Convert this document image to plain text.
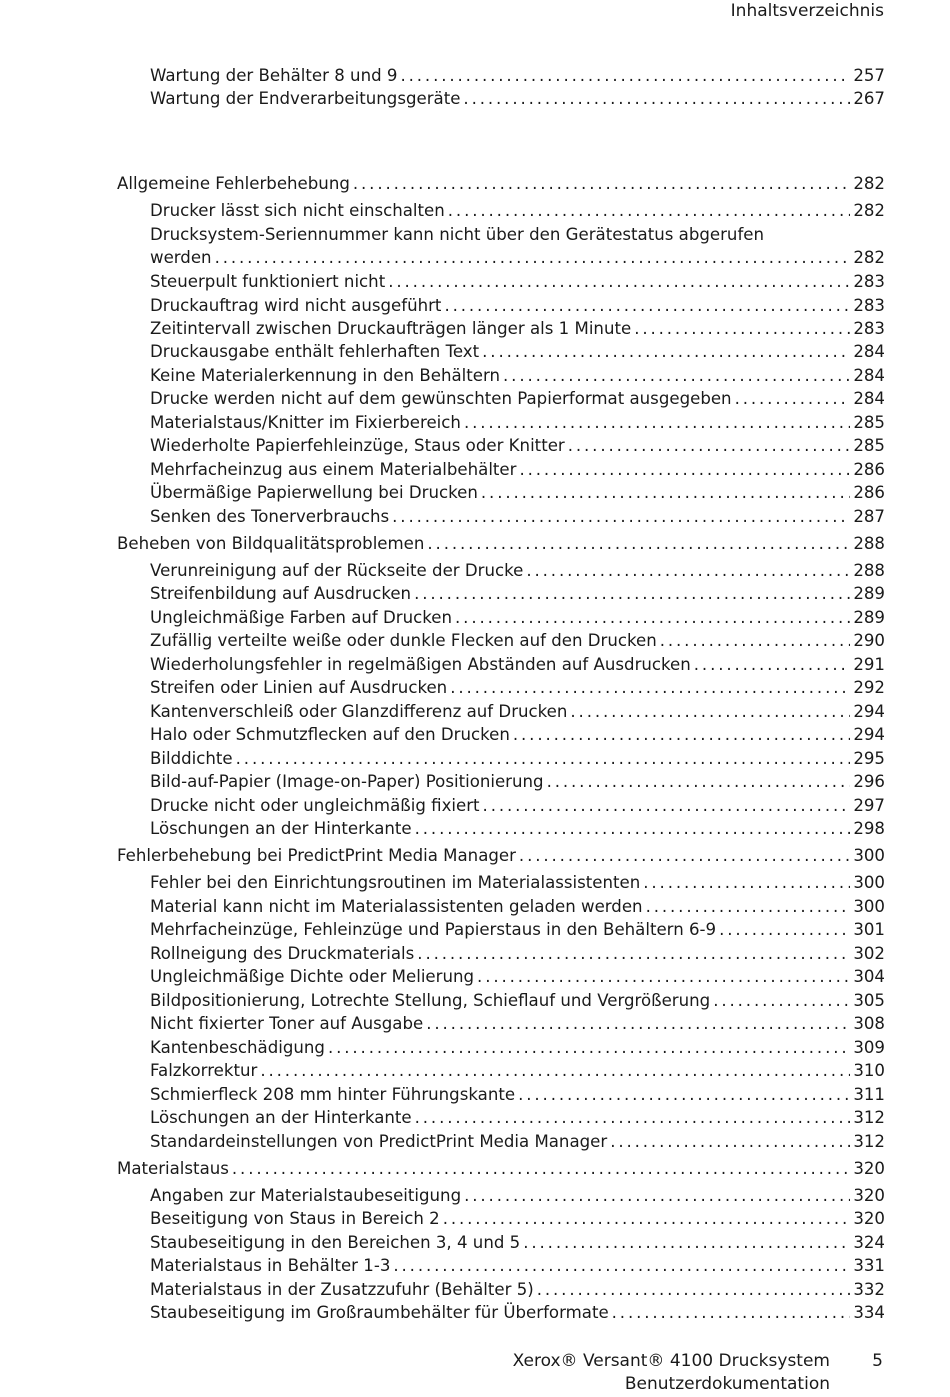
Inhaltsverzeichnis
Wartung der Behälter 8 und 9 . . .	257
Wartung der Endverarbeitungsgeräte . . .	267
Allgemeine Fehlerbehebung . . .	282
Drucker lässt sich nicht einschalten . . .	282
Drucksystem-Seriennummer kann nicht über den Gerätestatus abgerufen
werden . . .	282
Steuerpult funktioniert nicht . . .	283
Druckauftrag wird nicht ausgeführt . . .	283
Zeitintervall zwischen Druckaufträgen länger als 1 Minute . . .	283
Druckausgabe enthält fehlerhaften Text . . .	284
Keine Materialerkennung in den Behältern . . .	284
Drucke werden nicht auf dem gewünschten Papierformat ausgegeben . . .	284
Materialstaus/Knitter im Fixierbereich . . .	285
Wiederholte Papierfehleinzüge, Staus oder Knitter . . .	285
Mehrfacheinzug aus einem Materialbehälter . . .	286
Übermäßige Papierwellung bei Drucken . . .	286
Senken des Tonerverbrauchs . . .	287
Beheben von Bildqualitätsproblemen . . .	288
Verunreinigung auf der Rückseite der Drucke . . .	288
Streifenbildung auf Ausdrucken . . .	289
Ungleichmäßige Farben auf Drucken . . .	289
Zufällig verteilte weiße oder dunkle Flecken auf den Drucken . . .	290
Wiederholungsfehler in regelmäßigen Abständen auf Ausdrucken . . .	291
Streifen oder Linien auf Ausdrucken . . .	292
Kantenverschleiß oder Glanzdifferenz auf Drucken . . .	294
Halo oder Schmutzflecken auf den Drucken . . .	294
Bilddichte . . .	295
Bild-auf-Papier (Image-on-Paper) Positionierung . . .	296
Drucke nicht oder ungleichmäßig fixiert . . .	297
Löschungen an der Hinterkante . . .	298
Fehlerbehebung bei PredictPrint Media Manager . . .	300
Fehler bei den Einrichtungsroutinen im Materialassistenten . . .	300
Material kann nicht im Materialassistenten geladen werden . . .	300
Mehrfacheinzüge, Fehleinzüge und Papierstaus in den Behältern 6-9 . . .	301
Rollneigung des Druckmaterials . . .	302
Ungleichmäßige Dichte oder Melierung . . .	304
Bildpositionierung, Lotrechte Stellung, Schieflauf und Vergrößerung . . .	305
Nicht fixierter Toner auf Ausgabe . . .	308
Kantenbeschädigung . . .	309
Falzkorrektur . . .	310
Schmierfleck 208 mm hinter Führungskante . . .	311
Löschungen an der Hinterkante . . .	312
Standardeinstellungen von PredictPrint Media Manager . . .	312
Materialstaus . . .	320
Angaben zur Materialstaubeseitigung . . .	320
Beseitigung von Staus in Bereich 2 . . .	320
Staubeseitigung in den Bereichen 3, 4 und 5 . . .	324
Materialstaus in Behälter 1-3 . . .	331
Materialstaus in der Zusatzzufuhr (Behälter 5) . . .	332
Staubeseitigung im Großraumbehälter für Überformate . . .	334
Xerox® Versant® 4100 Drucksystem
Benutzerdokumentation
5
